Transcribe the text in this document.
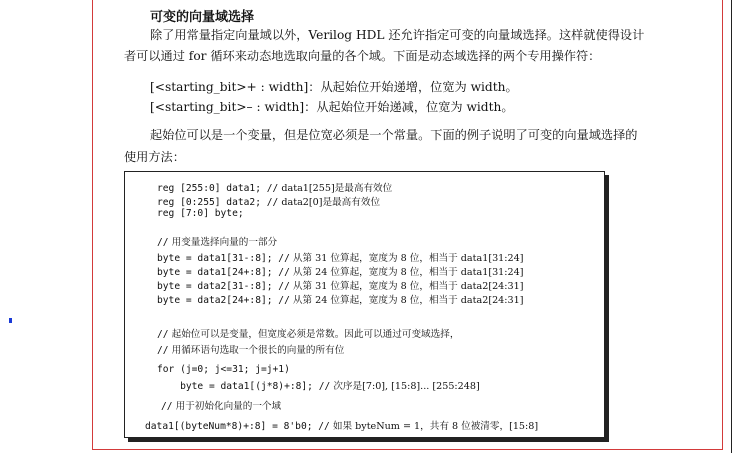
可变的向量域选择
除了用常量指定向量域以外，Verilog HDL 还允许指定可变的向量域选择。这样就使得设计
者可以通过 for 循环来动态地选取向量的各个域。下面是动态域选择的两个专用操作符：
[<starting_bit>+ : width]：从起始位开始递增，位宽为 width。
[<starting_bit>– : width]：从起始位开始递减，位宽为 width。
起始位可以是一个变量，但是位宽必须是一个常量。下面的例子说明了可变的向量域选择的
使用方法：
reg [255:0] data1; // data1[255]是最高有效位
reg [0:255] data2; // data2[0]是最高有效位
reg [7:0] byte;
// 用变量选择向量的一部分
byte = data1[31-:8]; // 从第 31 位算起，宽度为 8 位，相当于 data1[31:24]
byte = data1[24+:8]; // 从第 24 位算起，宽度为 8 位，相当于 data1[31:24]
byte = data2[31-:8]; // 从第 31 位算起，宽度为 8 位，相当于 data2[24:31]
byte = data2[24+:8]; // 从第 24 位算起，宽度为 8 位，相当于 data2[24:31]
// 起始位可以是变量，但宽度必须是常数。因此可以通过可变域选择，
// 用循环语句选取一个很长的向量的所有位
for (j=0; j<=31; j=j+1)
byte = data1[(j*8)+:8]; // 次序是[7:0], [15:8]... [255:248]
// 用于初始化向量的一个域
data1[(byteNum*8)+:8] = 8'b0; // 如果 byteNum = 1，共有 8 位被清零，[15:8]
